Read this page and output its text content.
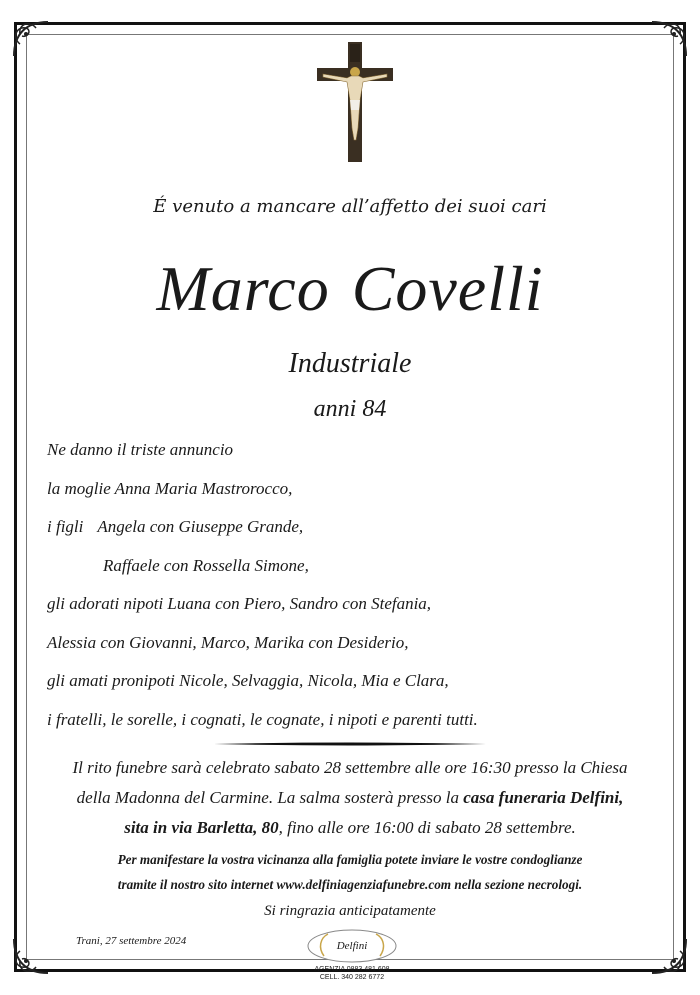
É venuto a mancare all’affetto dei suoi cari
Marco Covelli
Industriale
anni 84
Ne danno il triste annuncio
la moglie Anna Maria Mastrorocco,
i figli Angela con Giuseppe Grande,
Raffaele con Rossella Simone,
gli adorati nipoti Luana con Piero, Sandro con Stefania,
Alessia con Giovanni, Marco, Marika con Desiderio,
gli amati pronipoti Nicole, Selvaggia, Nicola, Mia e Clara,
i fratelli, le sorelle, i cognati, le cognate, i nipoti e parenti tutti.
Il rito funebre sarà celebrato sabato 28 settembre alle ore 16:30 presso la Chiesa
della Madonna del Carmine. La salma sosterà presso la casa funeraria Delfini,
sita in via Barletta, 80, fino alle ore 16:00 di sabato 28 settembre.
Per manifestare la vostra vicinanza alla famiglia potete inviare le vostre condoglianze
tramite il nostro sito internet www.delfiniagenziafunebre.com nella sezione necrologi.
Si ringrazia anticipatamente
Trani, 27 settembre 2024	Delfini
AGENZIA 0883 481 608
CELL. 340 282 6772
